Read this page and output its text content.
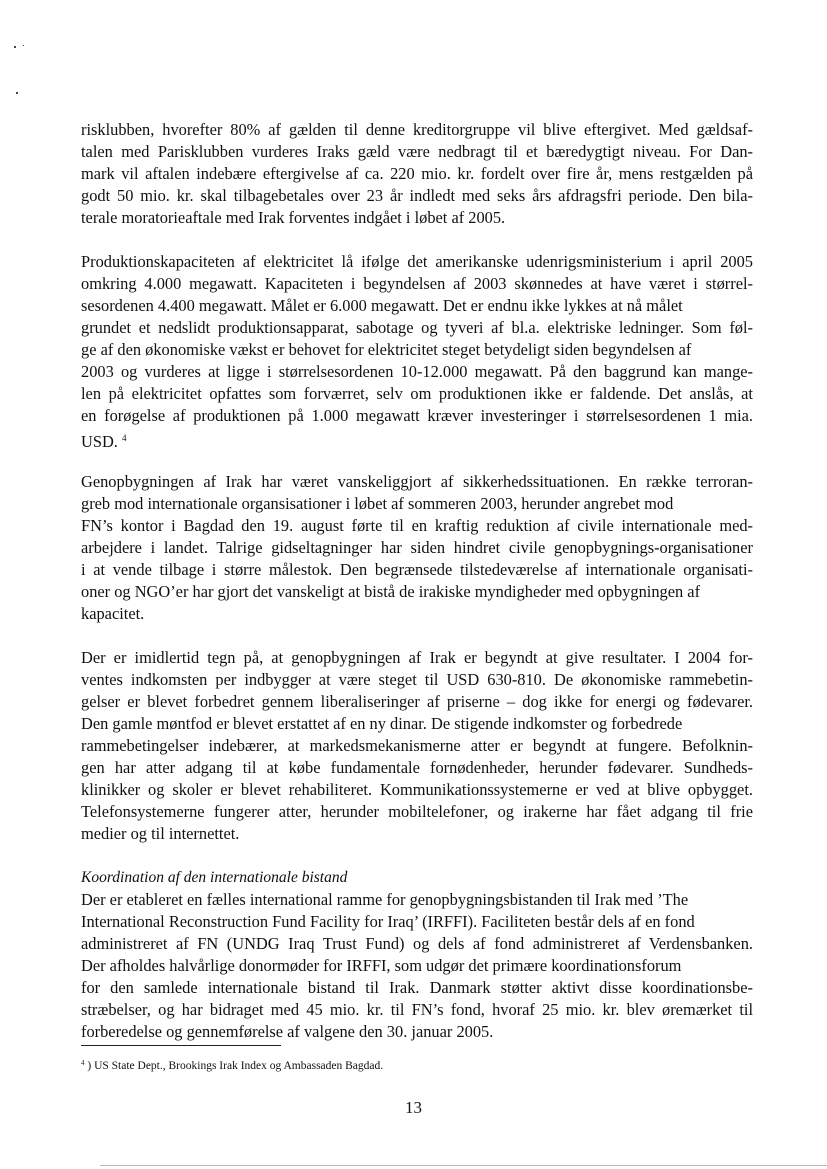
risklubben, hvorefter 80% af gælden til denne kreditorgruppe vil blive eftergivet. Med gældsaf-
talen med Parisklubben vurderes Iraks gæld være nedbragt til et bæredygtigt niveau. For Dan-
mark vil aftalen indebære eftergivelse af ca. 220 mio. kr. fordelt over fire år, mens restgælden på
godt 50 mio. kr. skal tilbagebetales over 23 år indledt med seks års afdragsfri periode. Den bila-
terale moratorieaftale med Irak forventes indgået i løbet af 2005.

Produktionskapaciteten af elektricitet lå ifølge det amerikanske udenrigsministerium i april 2005
omkring 4.000 megawatt. Kapaciteten i begyndelsen af 2003 skønnedes at have været i størrel-
sesordenen 4.400 megawatt. Målet er 6.000 megawatt. Det er endnu ikke lykkes at nå målet
grundet et nedslidt produktionsapparat, sabotage og tyveri af bl.a. elektriske ledninger. Som føl-
ge af den økonomiske vækst er behovet for elektricitet steget betydeligt siden begyndelsen af
2003 og vurderes at ligge i størrelsesordenen 10-12.000 megawatt. På den baggrund kan mange-
len på elektricitet opfattes som forværret, selv om produktionen ikke er faldende. Det anslås, at
en forøgelse af produktionen på 1.000 megawatt kræver investeringer i størrelsesordenen 1 mia.
USD. $^4$

Genopbygningen af Irak har været vanskeliggjort af sikkerhedssituationen. En række terroran-
greb mod internationale organsisationer i løbet af sommeren 2003, herunder angrebet mod
FN’s kontor i Bagdad den 19. august førte til en kraftig reduktion af civile internationale med-
arbejdere i landet. Talrige gidseltagninger har siden hindret civile genopbygnings-organisationer
i at vende tilbage i større målestok. Den begrænsede tilstedeværelse af internationale organisati-
oner og NGO’er har gjort det vanskeligt at bistå de irakiske myndigheder med opbygningen af
kapacitet.

Der er imidlertid tegn på, at genopbygningen af Irak er begyndt at give resultater. I 2004 for-
ventes indkomsten per indbygger at være steget til USD 630-810. De økonomiske rammebetin-
gelser er blevet forbedret gennem liberaliseringer af priserne – dog ikke for energi og fødevarer.
Den gamle møntfod er blevet erstattet af en ny dinar. De stigende indkomster og forbedrede
rammebetingelser indebærer, at markedsmekanismerne atter er begyndt at fungere. Befolknin-
gen har atter adgang til at købe fundamentale fornødenheder, herunder fødevarer. Sundheds-
klinikker og skoler er blevet rehabiliteret. Kommunikationssystemerne er ved at blive opbygget.
Telefonsystemerne fungerer atter, herunder mobiltelefoner, og irakerne har fået adgang til frie
medier og til internettet.

Koordination af den internationale bistand
Der er etableret en fælles international ramme for genopbygningsbistanden til Irak med ’The
International Reconstruction Fund Facility for Iraq’ (IRFFI). Faciliteten består dels af en fond
administreret af FN (UNDG Iraq Trust Fund) og dels af fond administreret af Verdensbanken.
Der afholdes halvårlige donormøder for IRFFI, som udgør det primære koordinationsforum
for den samlede internationale bistand til Irak. Danmark støtter aktivt disse koordinationsbe-
stræbelser, og har bidraget med 45 mio. kr. til FN’s fond, hvoraf 25 mio. kr. blev øremærket til
forberedelse og gennemførelse af valgene den 30. januar 2005.
$^4$ ) US State Dept., Brookings Irak Index og Ambassaden Bagdad.
13
